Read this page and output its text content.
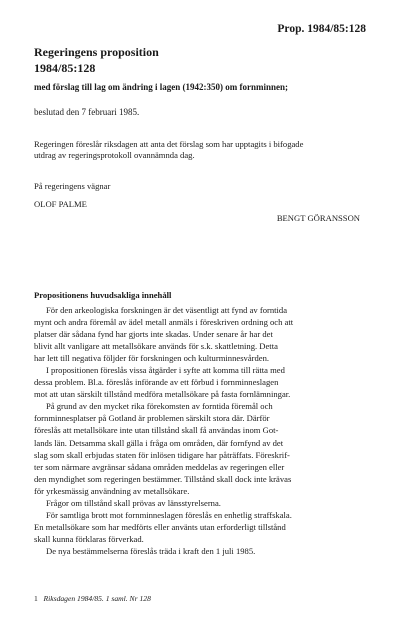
Prop. 1984/85:128
Regeringens proposition
1984/85:128
med förslag till lag om ändring i lagen (1942:350) om fornminnen;
beslutad den 7 februari 1985.
Regeringen föreslår riksdagen att anta det förslag som har upptagits i bifogade utdrag av regeringsprotokoll ovannämnda dag.
På regeringens vägnar
OLOF PALME
BENGT GÖRANSSON
Propositionens huvudsakliga innehåll
För den arkeologiska forskningen är det väsentligt att fynd av forntida
mynt och andra föremål av ädel metall anmäls i föreskriven ordning och att
platser där sådana fynd har gjorts inte skadas. Under senare år har det
blivit allt vanligare att metallsökare används för s.k. skattletning. Detta
har lett till negativa följder för forskningen och kulturminnesvården.
I propositionen föreslås vissa åtgärder i syfte att komma till rätta med
dessa problem. Bl.a. föreslås införande av ett förbud i fornminneslagen
mot att utan särskilt tillstånd medföra metallsökare på fasta fornlämningar.
På grund av den mycket rika förekomsten av forntida föremål och
fornminnesplatser på Gotland är problemen särskilt stora där. Därför
föreslås att metallsökare inte utan tillstånd skall få användas inom Got-
lands län. Detsamma skall gälla i fråga om områden, där fornfynd av det
slag som skall erbjudas staten för inlösen tidigare har påträffats. Föreskrif-
ter som närmare avgränsar sådana områden meddelas av regeringen eller
den myndighet som regeringen bestämmer. Tillstånd skall dock inte krävas
för yrkesmässig användning av metallsökare.
Frågor om tillstånd skall prövas av länsstyrelserna.
För samtliga brott mot fornminneslagen föreslås en enhetlig straffskala.
En metallsökare som har medförts eller använts utan erforderligt tillstånd
skall kunna förklaras förverkad.
De nya bestämmelserna föreslås träda i kraft den 1 juli 1985.
1 Riksdagen 1984/85. 1 saml. Nr 128
